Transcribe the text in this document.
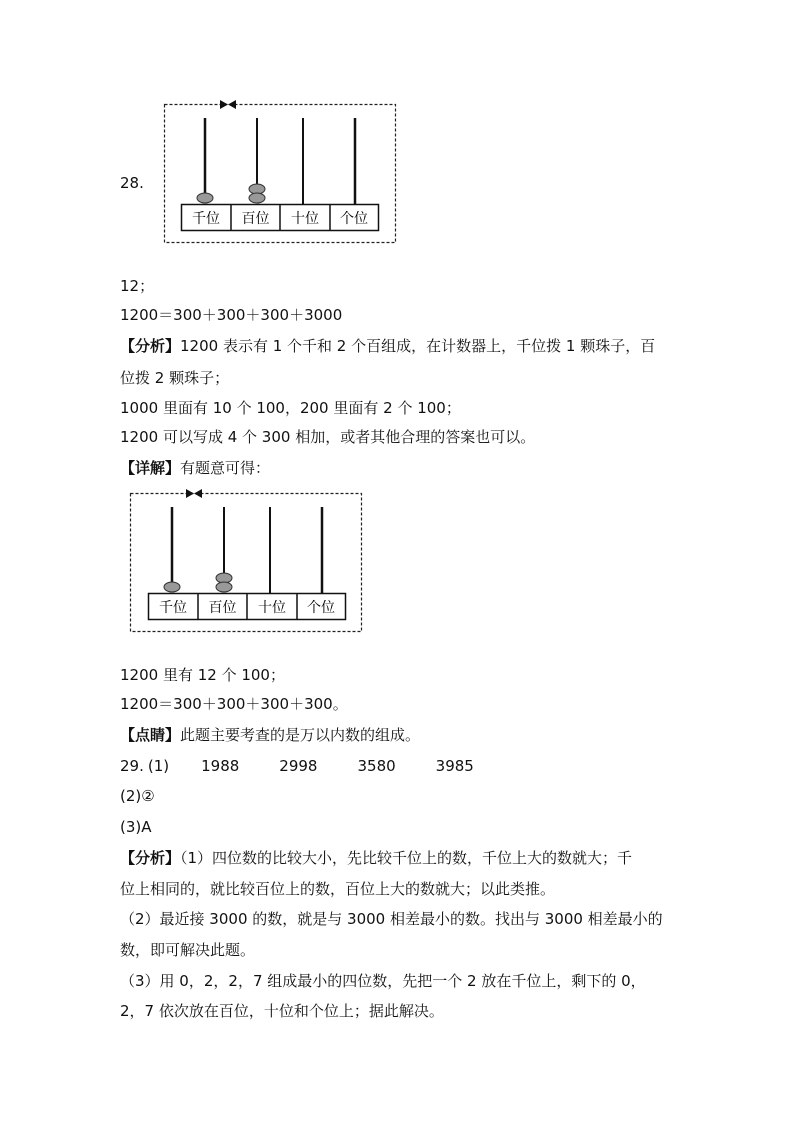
28.
千位 百位 十位 个位
12；
1200＝300＋300＋300＋3000
【分析】1200 表示有 1 个千和 2 个百组成，在计数器上，千位拨 1 颗珠子，百
位拨 2 颗珠子；
1000 里面有 10 个 100，200 里面有 2 个 100；
1200 可以写成 4 个 300 相加，或者其他合理的答案也可以。
【详解】有题意可得：
千位 百位 十位 个位
1200 里有 12 个 100；
1200＝300＋300＋300＋300。
【点睛】此题主要考查的是万以内数的组成。
29. (1) 1988	2998	3580	3985
(2)②
(3)A
【分析】（1）四位数的比较大小，先比较千位上的数，千位上大的数就大；千
位上相同的，就比较百位上的数，百位上大的数就大；以此类推。
（2）最近接 3000 的数，就是与 3000 相差最小的数。找出与 3000 相差最小的
数，即可解决此题。
（3）用 0，2，2，7 组成最小的四位数，先把一个 2 放在千位上，剩下的 0，
2，7 依次放在百位，十位和个位上；据此解决。
